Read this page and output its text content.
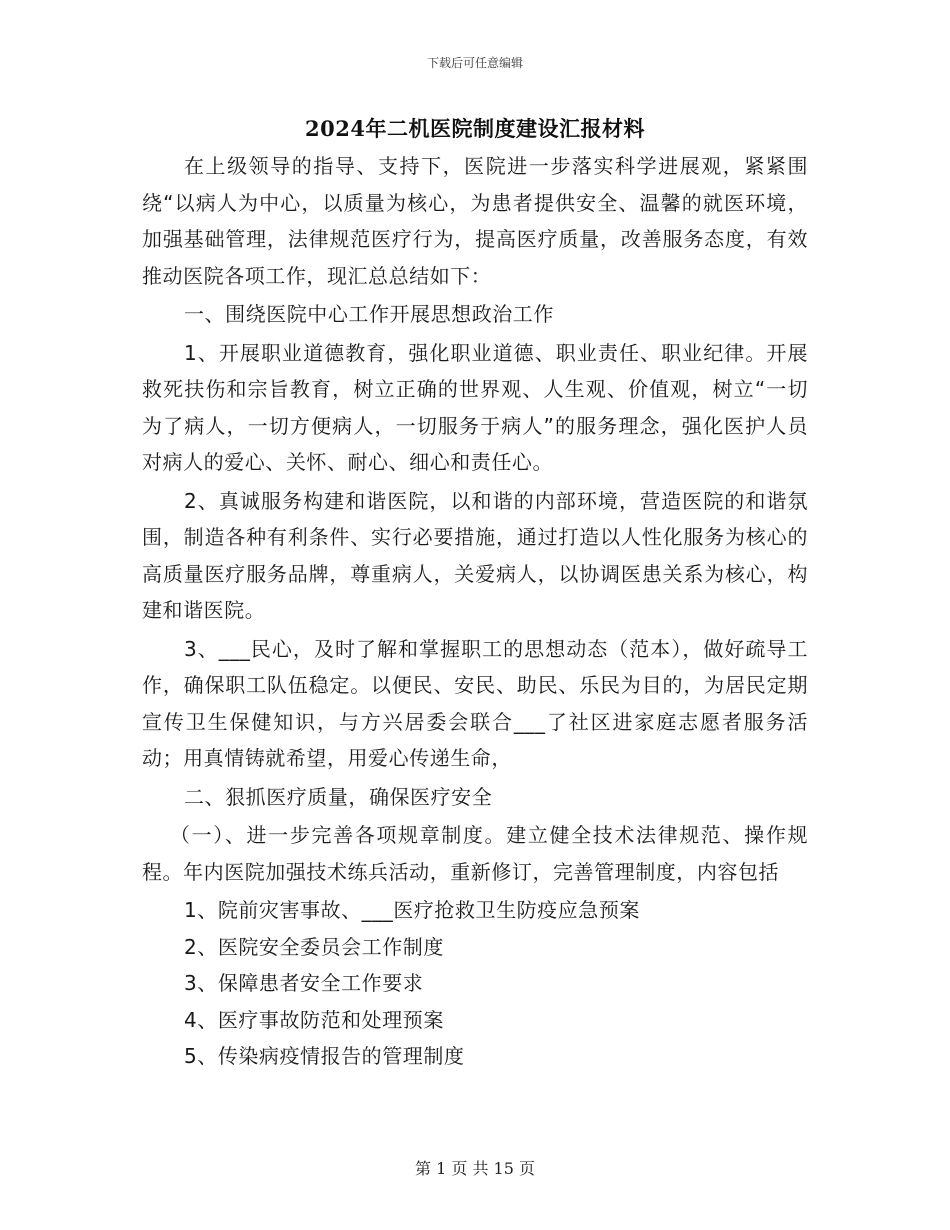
下载后可任意编辑
2024年二机医院制度建设汇报材料

在上级领导的指导、支持下，医院进一步落实科学进展观，紧紧围绕“以病人为中心，以质量为核心，为患者提供安全、温馨的就医环境，加强基础管理，法律规范医疗行为，提高医疗质量，改善服务态度，有效推动医院各项工作，现汇总总结如下：

一、围绕医院中心工作开展思想政治工作

1、开展职业道德教育，强化职业道德、职业责任、职业纪律。开展救死扶伤和宗旨教育，树立正确的世界观、人生观、价值观，树立“一切为了病人，一切方便病人，一切服务于病人”的服务理念，强化医护人员对病人的爱心、关怀、耐心、细心和责任心。

2、真诚服务构建和谐医院，以和谐的内部环境，营造医院的和谐氛围，制造各种有利条件、实行必要措施，通过打造以人性化服务为核心的高质量医疗服务品牌，尊重病人，关爱病人，以协调医患关系为核心，构建和谐医院。

3、___民心，及时了解和掌握职工的思想动态（范本），做好疏导工作，确保职工队伍稳定。以便民、安民、助民、乐民为目的，为居民定期宣传卫生保健知识，与方兴居委会联合___了社区进家庭志愿者服务活动；用真情铸就希望，用爱心传递生命，

二、狠抓医疗质量，确保医疗安全

（一）、进一步完善各项规章制度。建立健全技术法律规范、操作规程。年内医院加强技术练兵活动，重新修订，完善管理制度，内容包括

1、院前灾害事故、___医疗抢救卫生防疫应急预案

2、医院安全委员会工作制度

3、保障患者安全工作要求

4、医疗事故防范和处理预案

5、传染病疫情报告的管理制度

第 1 页 共 15 页
